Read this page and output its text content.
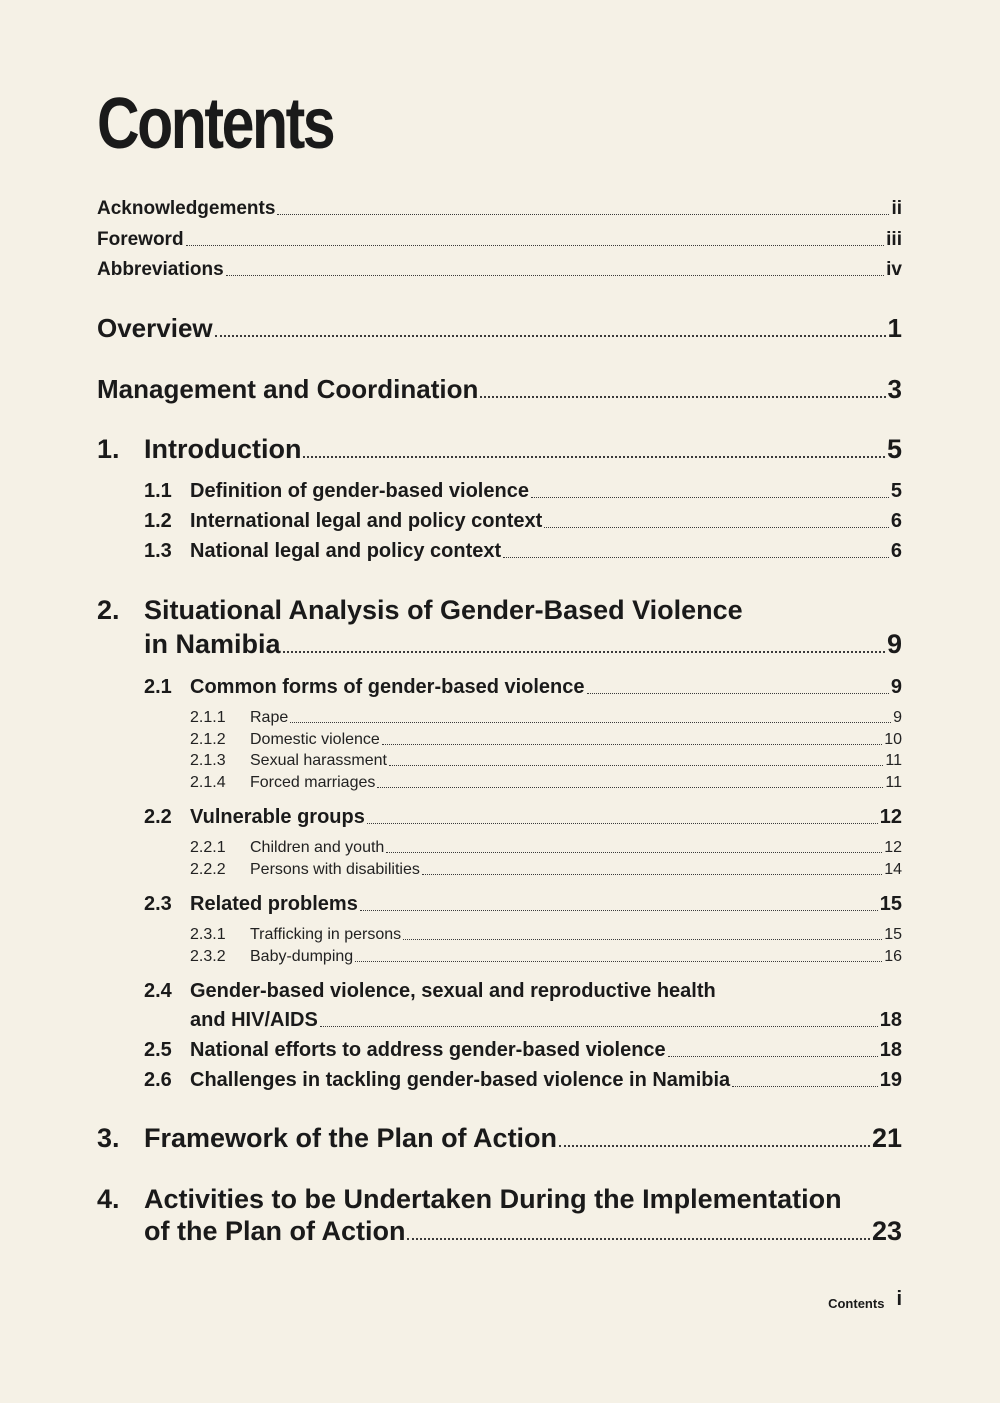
Contents
Acknowledgements	ii
Foreword	iii
Abbreviations	iv
Overview	1
Management and Coordination	3
1. Introduction	5
1.1 Definition of gender-based violence	5
1.2 International legal and policy context	6
1.3 National legal and policy context	6
2. Situational Analysis of Gender-Based Violence
in Namibia	9
2.1 Common forms of gender-based violence	9
2.1.1	Rape	9
2.1.2	Domestic violence	10
2.1.3	Sexual harassment	11
2.1.4	Forced marriages	11
2.2 Vulnerable groups	12
2.2.1	Children and youth	12
2.2.2	Persons with disabilities	14
2.3 Related problems	15
2.3.1	Trafficking in persons	15
2.3.2	Baby-dumping	16
2.4 Gender-based violence, sexual and reproductive health
and HIV/AIDS	18
2.5 National efforts to address gender-based violence	18
2.6 Challenges in tackling gender-based violence in Namibia	19
3. Framework of the Plan of Action	21
4. Activities to be Undertaken During the Implementation
of the Plan of Action	23
Contents i
